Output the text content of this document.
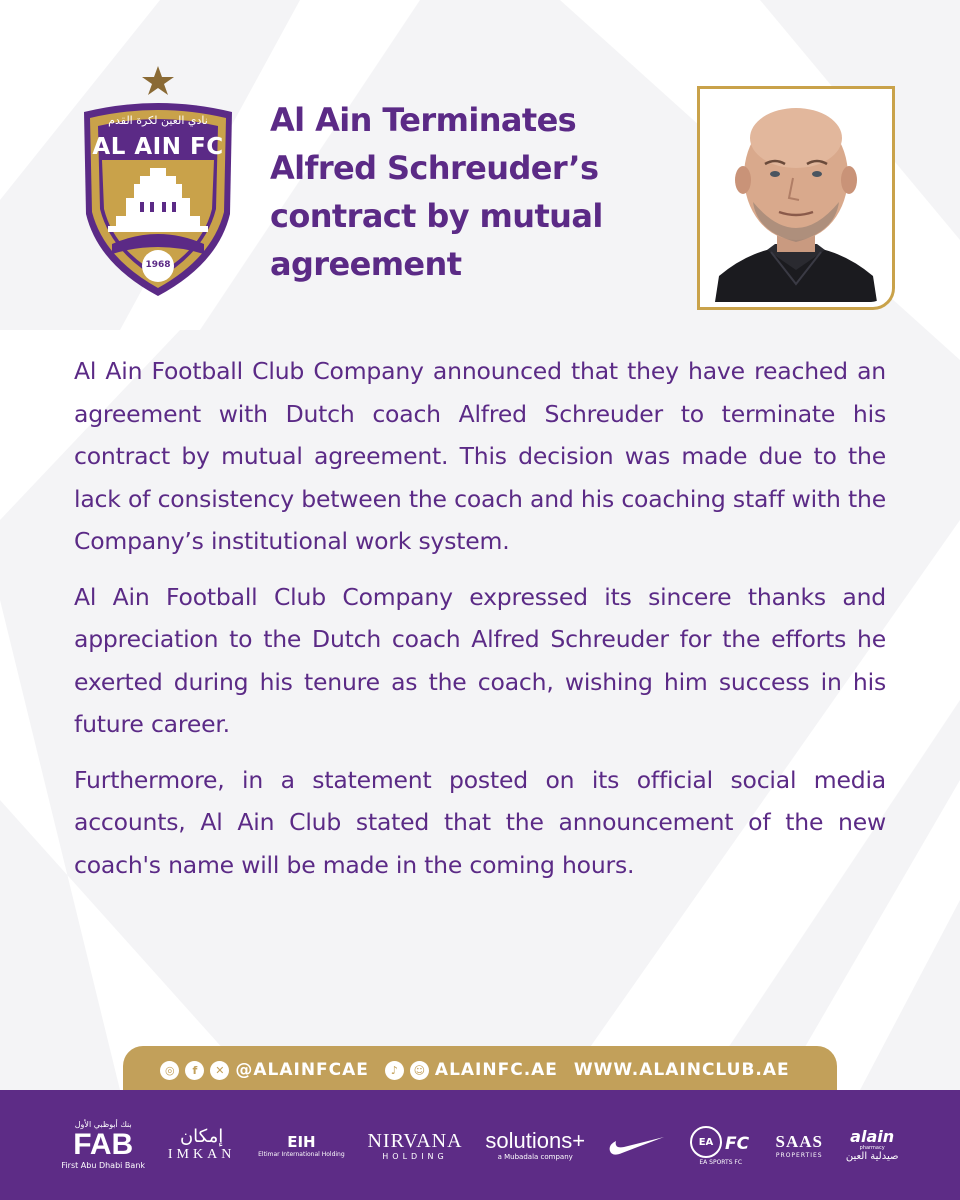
نادي العين لكرة القدم
AL AIN FC
1968
Al Ain Terminates Alfred Schreuder’s contract by mutual agreement

Al Ain Football Club Company announced that they have reached an agreement with Dutch coach Alfred Schreuder to terminate his contract by mutual agreement. This decision was made due to the lack of consistency between the coach and his coaching staff with the Company’s institutional work system.

Al Ain Football Club Company expressed its sincere thanks and appreciation to the Dutch coach Alfred Schreuder for the efforts he exerted during his tenure as the coach, wishing him success in his future career.

Furthermore, in a statement posted on its official social media accounts, Al Ain Club stated that the announcement of the new coach's name will be made in the coming hours.

◎	f	✕ @ALAINFCAE	♪	☺ ALAINFC.AE WWW.ALAINCLUB.AE
بنك أبوظبي الأول
FAB
First Abu Dhabi Bank
إمكان
IMKAN
EIH
Eltimar International Holding
NIRVANA
HOLDING
solutions+
a Mubadala company
EA FC
EA SPORTS FC
SAAS
PROPERTIES
alain
pharmacy
صيدلية العين
